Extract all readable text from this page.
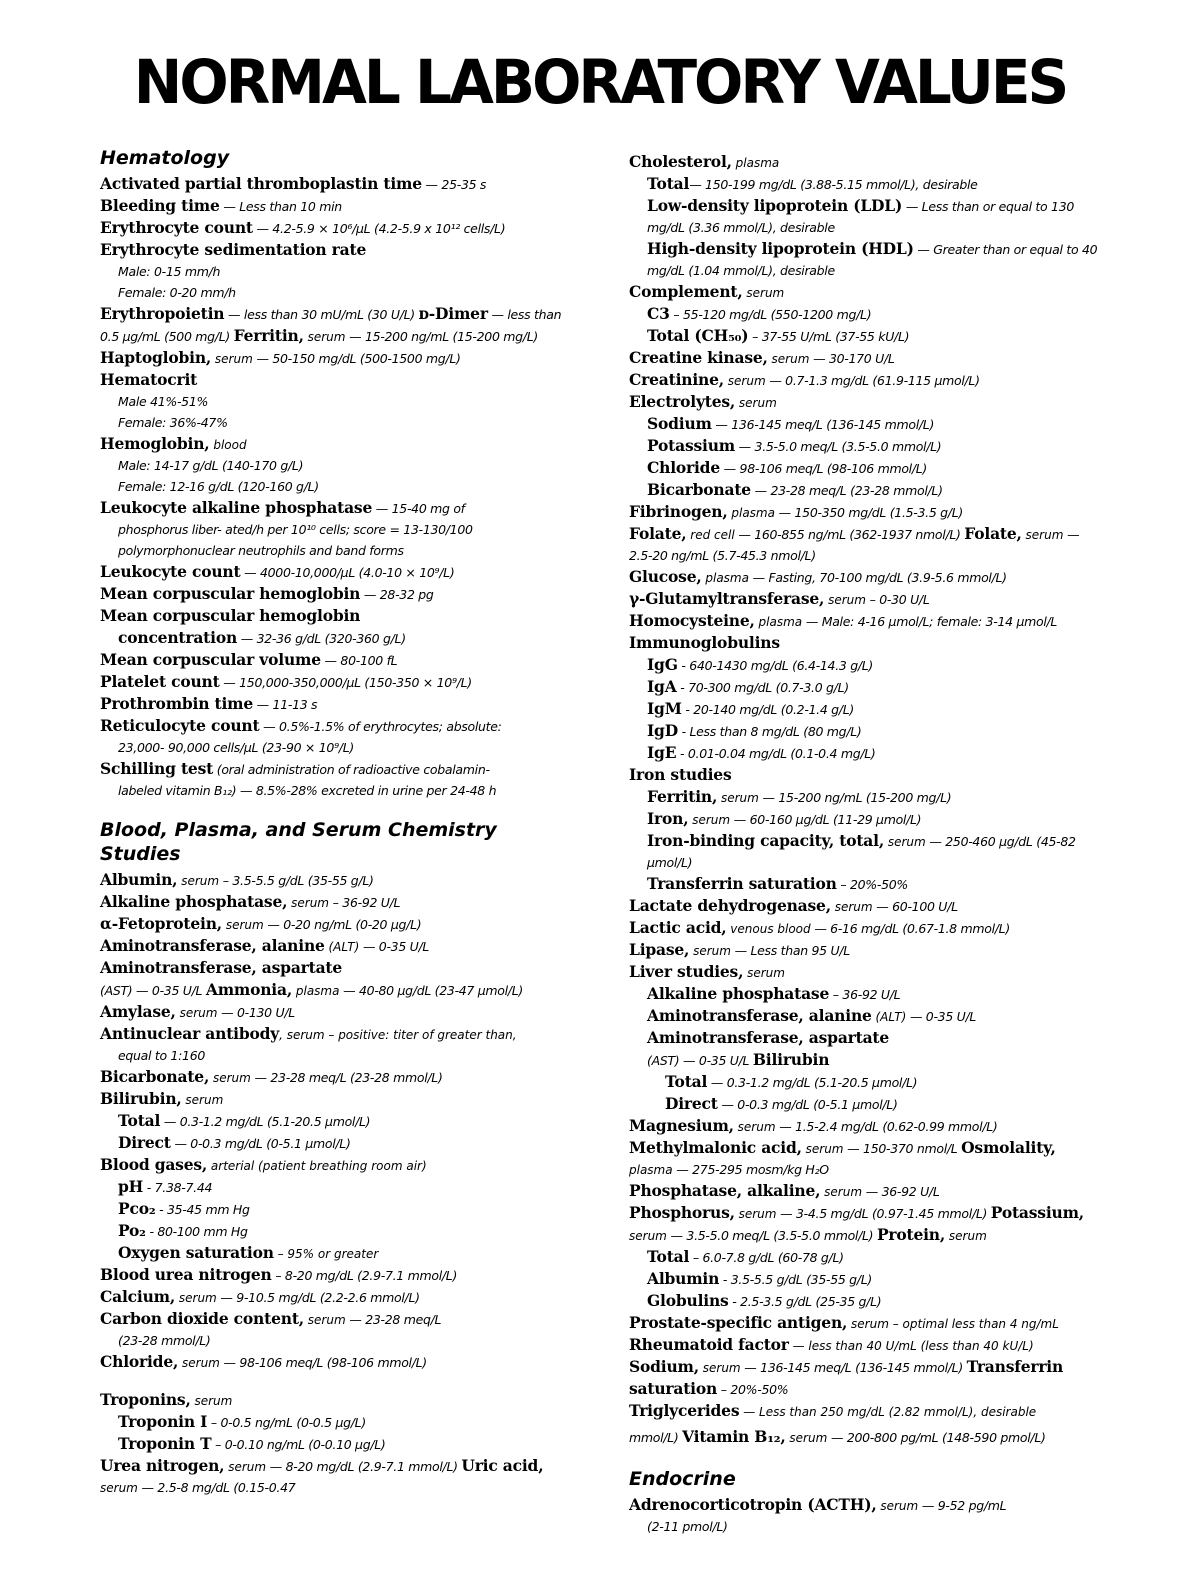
NORMAL LABORATORY VALUES
Hematology
Activated partial thromboplastin time — 25-35 s
Bleeding time — Less than 10 min
Erythrocyte count — 4.2-5.9 × 10⁶/μL (4.2-5.9 x 10¹² cells/L)
Erythrocyte sedimentation rate
Male: 0-15 mm/h
Female: 0-20 mm/h
Erythropoietin — less than 30 mU/mL (30 U/L) ᴅ-Dimer — less than 0.5 μg/mL (500 mg/L) Ferritin, serum — 15-200 ng/mL (15-200 mg/L)
Haptoglobin, serum — 50-150 mg/dL (500-1500 mg/L)
Hematocrit
Male 41%-51%
Female: 36%-47%
Hemoglobin, blood
Male: 14-17 g/dL (140-170 g/L)
Female: 12-16 g/dL (120-160 g/L)
Leukocyte alkaline phosphatase — 15-40 mg of
phosphorus liber- ated/h per 10¹⁰ cells; score = 13-130/100
polymorphonuclear neutrophils and band forms
Leukocyte count — 4000-10,000/μL (4.0-10 × 10⁹/L)
Mean corpuscular hemoglobin — 28-32 pg
Mean corpuscular hemoglobin
concentration — 32-36 g/dL (320-360 g/L)
Mean corpuscular volume — 80-100 fL
Platelet count — 150,000-350,000/μL (150-350 × 10⁹/L)
Prothrombin time — 11-13 s
Reticulocyte count — 0.5%-1.5% of erythrocytes; absolute:
23,000- 90,000 cells/μL (23-90 × 10⁹/L)
Schilling test (oral administration of radioactive cobalamin-
labeled vitamin B₁₂) — 8.5%-28% excreted in urine per 24-48 h
Blood, Plasma, and Serum Chemistry Studies
Albumin, serum – 3.5-5.5 g/dL (35-55 g/L)
Alkaline phosphatase, serum – 36-92 U/L
α-Fetoprotein, serum — 0-20 ng/mL (0-20 μg/L) Aminotransferase, alanine (ALT) — 0-35 U/L Aminotransferase, aspartate
(AST) — 0-35 U/L Ammonia, plasma — 40-80 μg/dL (23-47 μmol/L) Amylase, serum — 0-130 U/L
Antinuclear antibody, serum – positive: titer of greater than,
equal to 1:160
Bicarbonate, serum — 23-28 meq/L (23-28 mmol/L)
Bilirubin, serum
Total — 0.3-1.2 mg/dL (5.1-20.5 μmol/L)
Direct — 0-0.3 mg/dL (0-5.1 μmol/L)
Blood gases, arterial (patient breathing room air)
pH - 7.38-7.44
Pco₂ - 35-45 mm Hg
Po₂ - 80-100 mm Hg
Oxygen saturation – 95% or greater
Blood urea nitrogen – 8-20 mg/dL (2.9-7.1 mmol/L)
Calcium, serum — 9-10.5 mg/dL (2.2-2.6 mmol/L)
Carbon dioxide content, serum — 23-28 meq/L
(23-28 mmol/L)
Chloride, serum — 98-106 meq/L (98-106 mmol/L)
Troponins, serum
Troponin I – 0-0.5 ng/mL (0-0.5 μg/L)
Troponin T – 0-0.10 ng/mL (0-0.10 μg/L)
Urea nitrogen, serum — 8-20 mg/dL (2.9-7.1 mmol/L) Uric acid, serum — 2.5-8 mg/dL (0.15-0.47
Cholesterol, plasma
Total— 150-199 mg/dL (3.88-5.15 mmol/L), desirable
Low-density lipoprotein (LDL) — Less than or equal to 130 mg/dL (3.36 mmol/L), desirable
High-density lipoprotein (HDL) — Greater than or equal to 40 mg/dL (1.04 mmol/L), desirable
Complement, serum
C3 – 55-120 mg/dL (550-1200 mg/L)
Total (CH₅₀) – 37-55 U/mL (37-55 kU/L)
Creatine kinase, serum — 30-170 U/L
Creatinine, serum — 0.7-1.3 mg/dL (61.9-115 μmol/L)
Electrolytes, serum
Sodium — 136-145 meq/L (136-145 mmol/L)
Potassium — 3.5-5.0 meq/L (3.5-5.0 mmol/L)
Chloride — 98-106 meq/L (98-106 mmol/L)
Bicarbonate — 23-28 meq/L (23-28 mmol/L)
Fibrinogen, plasma — 150-350 mg/dL (1.5-3.5 g/L)
Folate, red cell — 160-855 ng/mL (362-1937 nmol/L) Folate, serum — 2.5-20 ng/mL (5.7-45.3 nmol/L)
Glucose, plasma — Fasting, 70-100 mg/dL (3.9-5.6 mmol/L)
γ-Glutamyltransferase, serum – 0-30 U/L
Homocysteine, plasma — Male: 4-16 μmol/L; female: 3-14 μmol/L
Immunoglobulins
IgG - 640-1430 mg/dL (6.4-14.3 g/L)
IgA - 70-300 mg/dL (0.7-3.0 g/L)
IgM - 20-140 mg/dL (0.2-1.4 g/L)
IgD - Less than 8 mg/dL (80 mg/L)
IgE - 0.01-0.04 mg/dL (0.1-0.4 mg/L)
Iron studies
Ferritin, serum — 15-200 ng/mL (15-200 mg/L)
Iron, serum — 60-160 μg/dL (11-29 μmol/L)
Iron-binding capacity, total, serum — 250-460 μg/dL (45-82 μmol/L)
Transferrin saturation – 20%-50%
Lactate dehydrogenase, serum — 60-100 U/L
Lactic acid, venous blood — 6-16 mg/dL (0.67-1.8 mmol/L)
Lipase, serum — Less than 95 U/L
Liver studies, serum
Alkaline phosphatase – 36-92 U/L
Aminotransferase, alanine (ALT) — 0-35 U/L Aminotransferase, aspartate
(AST) — 0-35 U/L Bilirubin
Total — 0.3-1.2 mg/dL (5.1-20.5 μmol/L)
Direct — 0-0.3 mg/dL (0-5.1 μmol/L)
Magnesium, serum — 1.5-2.4 mg/dL (0.62-0.99 mmol/L) Methylmalonic acid, serum — 150-370 nmol/L Osmolality, plasma — 275-295 mosm/kg H₂O
Phosphatase, alkaline, serum — 36-92 U/L
Phosphorus, serum — 3-4.5 mg/dL (0.97-1.45 mmol/L) Potassium, serum — 3.5-5.0 meq/L (3.5-5.0 mmol/L) Protein, serum
Total – 6.0-7.8 g/dL (60-78 g/L)
Albumin - 3.5-5.5 g/dL (35-55 g/L)
Globulins - 2.5-3.5 g/dL (25-35 g/L)
Prostate-specific antigen, serum – optimal less than 4 ng/mL Rheumatoid factor — less than 40 U/mL (less than 40 kU/L) Sodium, serum — 136-145 meq/L (136-145 mmol/L) Transferrin saturation – 20%-50%
Triglycerides — Less than 250 mg/dL (2.82 mmol/L), desirable
mmol/L) Vitamin B₁₂, serum — 200-800 pg/mL (148-590 pmol/L)
Endocrine
Adrenocorticotropin (ACTH), serum — 9-52 pg/mL
(2-11 pmol/L)
